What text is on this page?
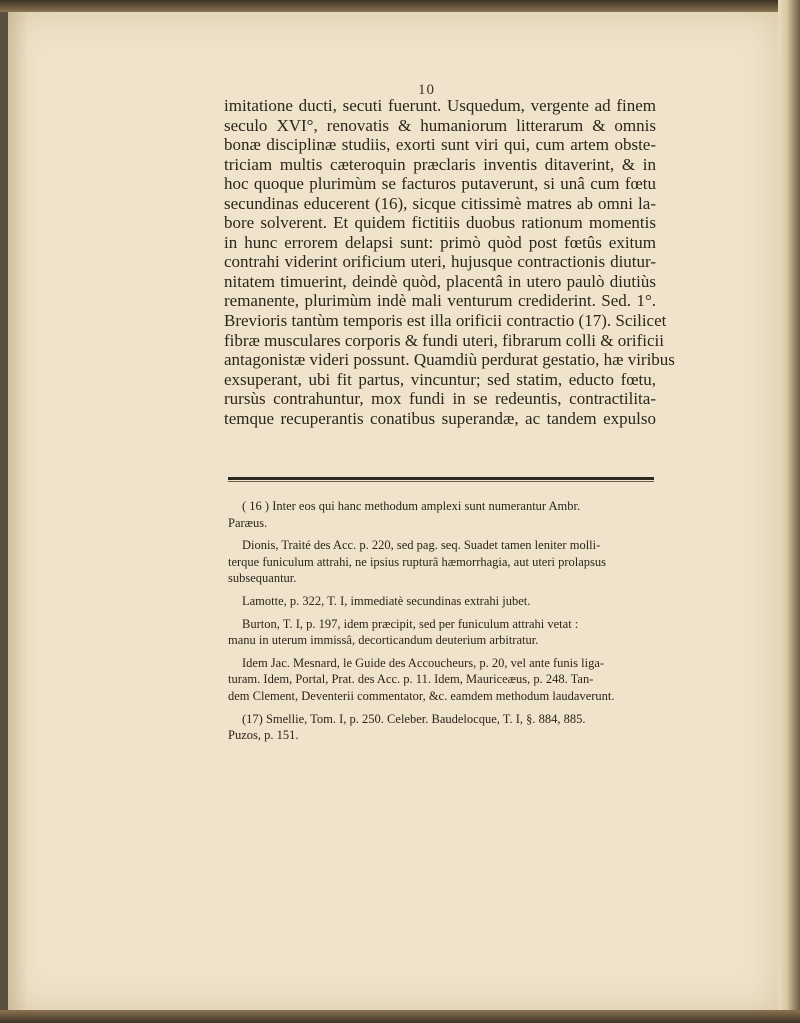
10
imitatione ducti, secuti fuerunt. Usquedum, vergente ad finem
seculo XVI°, renovatis & humaniorum litterarum & omnis
bonæ disciplinæ studiis, exorti sunt viri qui, cum artem obste-
triciam multis cæteroquin præclaris inventis ditaverint, & in
hoc quoque plurimùm se facturos putaverunt, si unâ cum fœtu
secundinas educerent (16), sicque citissimè matres ab omni la-
bore solverent. Et quidem fictitiis duobus rationum momentis
in hunc errorem delapsi sunt: primò quòd post fœtûs exitum
contrahi viderint orificium uteri, hujusque contractionis diutur-
nitatem timuerint, deindè quòd, placentâ in utero paulò diutiùs
remanente, plurimùm indè mali venturum crediderint. Sed. 1°.
Brevioris tantùm temporis est illa orificii contractio (17). Scilicet
fibræ musculares corporis & fundi uteri, fibrarum colli & orificii
antagonistæ videri possunt. Quamdiù perdurat gestatio, hæ viribus
exsuperant, ubi fit partus, vincuntur; sed statim, educto fœtu,
rursùs contrahuntur, mox fundi in se redeuntis, contractilita-
temque recuperantis conatibus superandæ, ac tandem expulso
( 16 ) Inter eos qui hanc methodum amplexi sunt numerantur Ambr.
Paræus.
Dionis, Traité des Acc. p. 220, sed pag. seq. Suadet tamen leniter molli-
terque funiculum attrahi, ne ipsius rupturâ hæmorrhagia, aut uteri prolapsus
subsequantur.
Lamotte, p. 322, T. I, immediatè secundinas extrahi jubet.
Burton, T. I, p. 197, idem præcipit, sed per funiculum attrahi vetat :
manu in uterum immissâ, decorticandum deuterium arbitratur.
Idem Jac. Mesnard, le Guide des Accoucheurs, p. 20, vel ante funis liga-
turam. Idem, Portal, Prat. des Acc. p. 11. Idem, Mauriceæus, p. 248. Tan-
dem Clement, Deventerii commentator, &c. eamdem methodum laudaverunt.
(17) Smellie, Tom. I, p. 250. Celeber. Baudelocque, T. I, §. 884, 885.
Puzos, p. 151.
